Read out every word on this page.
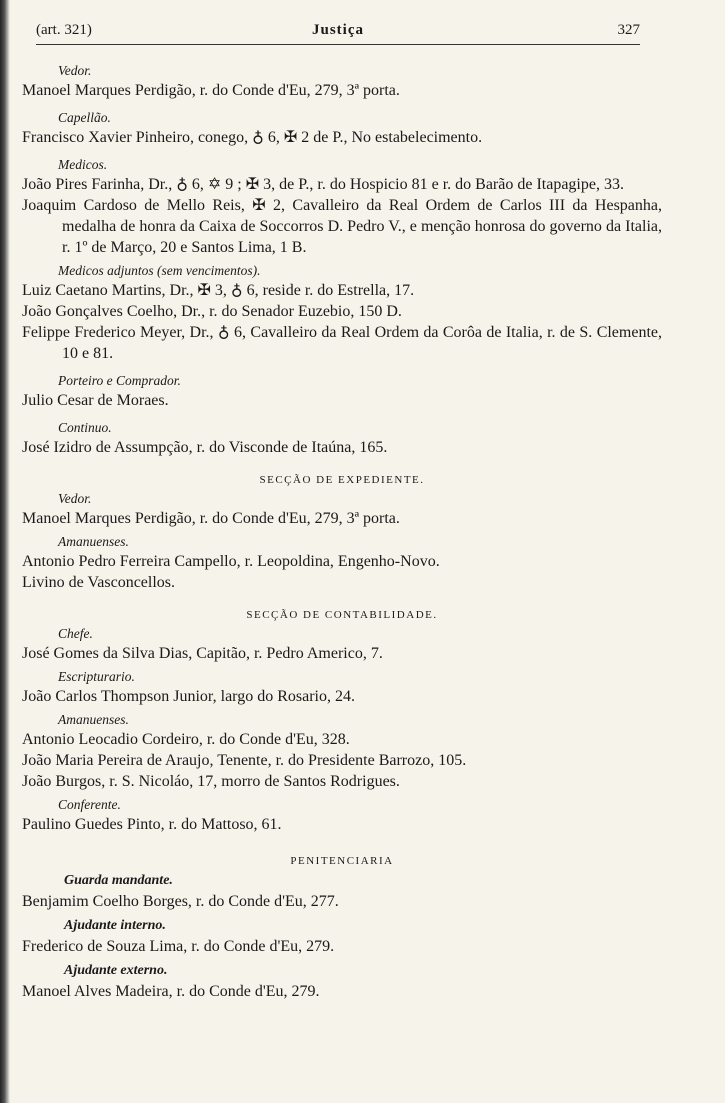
(art. 321)	Justiça	327
Vedor.
Manoel Marques Perdigão, r. do Conde d'Eu, 279, 3ª porta.
Capellão.
Francisco Xavier Pinheiro, conego, ♁ 6, ✠ 2 de P., No estabelecimento.
Medicos.
João Pires Farinha, Dr., ♁ 6, ✡ 9 ; ✠ 3, de P., r. do Hospicio 81 e r. do Barão de Itapagipe, 33.
Joaquim Cardoso de Mello Reis, ✠ 2, Cavalleiro da Real Ordem de Carlos III da Hespanha, medalha de honra da Caixa de Soccorros D. Pedro V., e menção honrosa do governo da Italia, r. 1º de Março, 20 e Santos Lima, 1 B.
Medicos adjuntos (sem vencimentos).
Luiz Caetano Martins, Dr., ✠ 3, ♁ 6, reside r. do Estrella, 17.
João Gonçalves Coelho, Dr., r. do Senador Euzebio, 150 D.
Felippe Frederico Meyer, Dr., ♁ 6, Cavalleiro da Real Ordem da Corôa de Italia, r. de S. Clemente, 10 e 81.
Porteiro e Comprador.
Julio Cesar de Moraes.
Continuo.
José Izidro de Assumpção, r. do Visconde de Itaúna, 165.
SECÇÃO DE EXPEDIENTE.
Vedor.
Manoel Marques Perdigão, r. do Conde d'Eu, 279, 3ª porta.
Amanuenses.
Antonio Pedro Ferreira Campello, r. Leopoldina, Engenho-Novo.
Livino de Vasconcellos.
SECÇÃO DE CONTABILIDADE.
Chefe.
José Gomes da Silva Dias, Capitão, r. Pedro Americo, 7.
Escripturario.
João Carlos Thompson Junior, largo do Rosario, 24.
Amanuenses.
Antonio Leocadio Cordeiro, r. do Conde d'Eu, 328.
João Maria Pereira de Araujo, Tenente, r. do Presidente Barrozo, 105.
João Burgos, r. S. Nicoláo, 17, morro de Santos Rodrigues.
Conferente.
Paulino Guedes Pinto, r. do Mattoso, 61.
PENITENCIARIA
Guarda mandante.
Benjamim Coelho Borges, r. do Conde d'Eu, 277.
Ajudante interno.
Frederico de Souza Lima, r. do Conde d'Eu, 279.
Ajudante externo.
Manoel Alves Madeira, r. do Conde d'Eu, 279.
